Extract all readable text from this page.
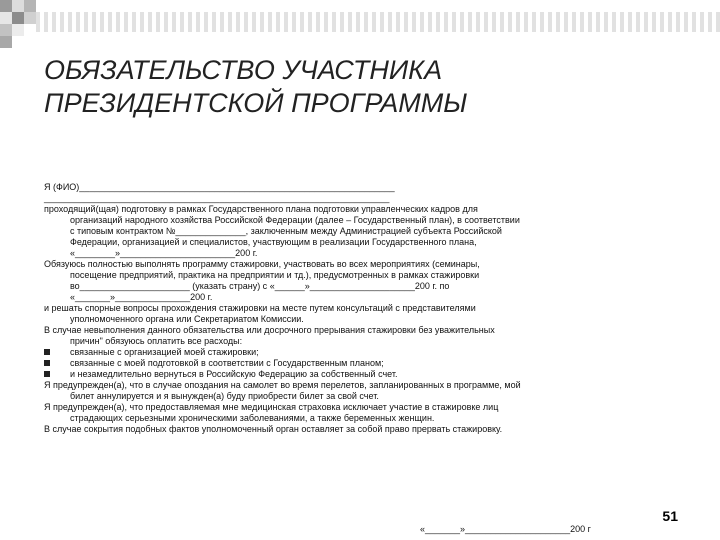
ОБЯЗАТЕЛЬСТВО УЧАСТНИКА
ПРЕЗИДЕНТСКОЙ ПРОГРАММЫ

Я (ФИО)_______________________________________________________________

_____________________________________________________________________

проходящий(щая) подготовку в рамках Государственного плана подготовки управленческих кадров для

организаций народного хозяйства Российской Федерации (далее – Государственный план), в соответствии

с типовым контрактом №______________, заключенным между Администрацией субъекта Российской

Федерации, организацией и специалистов, участвующим в реализации Государственного плана,

«________»_______________________200 г.

Обязуюсь полностью выполнять программу стажировки, участвовать во всех мероприятиях (семинары,

посещение предприятий, практика на предприятии и тд.), предусмотренных в рамках стажировки

во______________________ (указать страну) с «______»_____________________200 г. по

«_______»_______________200 г.

и решать спорные вопросы прохождения стажировки на месте путем консультаций с представителями

уполномоченного органа или Секретариатом Комиссии.

В случае невыполнения данного обязательства или досрочного прерывания стажировки без уважительных

причин" обязуюсь оплатить все расходы:

связанные с организацией моей стажировки;

связанные с моей подготовкой в соответствии с Государственным планом;

и незамедлительно вернуться в Российскую Федерацию за собственный счет.

Я предупрежден(а), что в случае опоздания на самолет во время перелетов, запланированных в программе, мой

билет аннулируется и я вынужден(а) буду приобрести билет за свой счет.

Я предупрежден(а), что предоставляемая мне медицинская страховка исключает участие в стажировке лиц

страдающих серьезными хроническими заболеваниями, а также беременных женщин.

В случае сокрытия подобных фактов уполномоченный орган оставляет за собой право прервать стажировку.

51
«_______»_____________________200 г
